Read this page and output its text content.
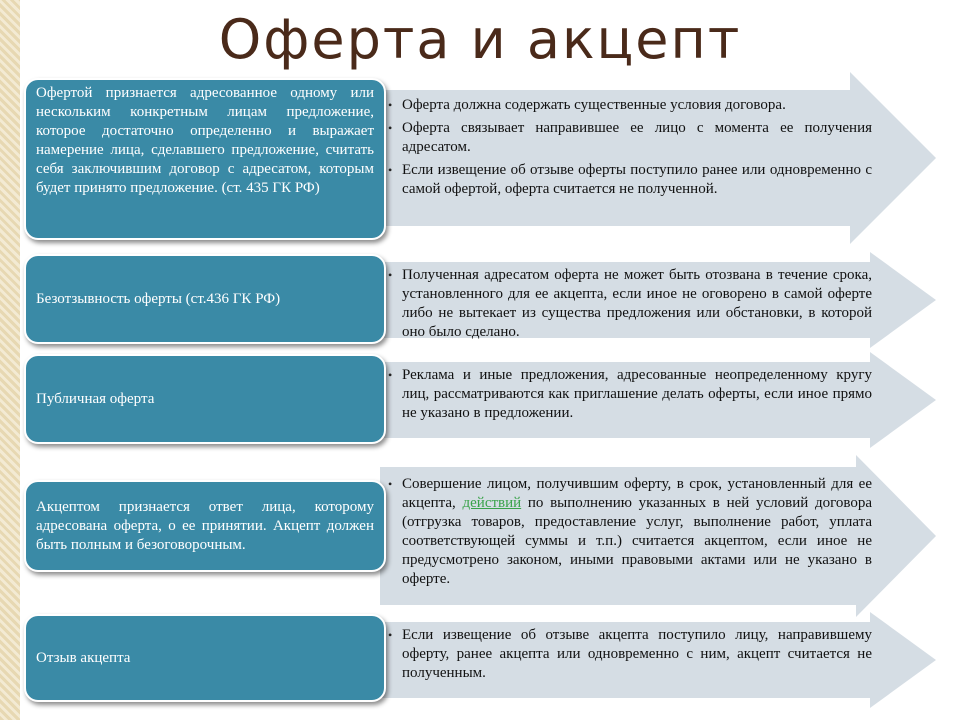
Оферта и акцепт
Офертой признается адресованное одному или нескольким конкретным лицам предложение, которое достаточно определенно и выражает намерение лица, сделавшего предложение, считать себя заключившим договор с адресатом, которым будет принято предложение. (ст. 435 ГК РФ)
• Оферта должна содержать существенные условия договора.
• Оферта связывает направившее ее лицо с момента ее получения адресатом.
• Если извещение об отзыве оферты поступило ранее или одновременно с самой офертой, оферта считается не полученной.
Безотзывность оферты (ст.436 ГК РФ)
• Полученная адресатом оферта не может быть отозвана в течение срока, установленного для ее акцепта, если иное не оговорено в самой оферте либо не вытекает из существа предложения или обстановки, в которой оно было сделано.
Публичная оферта
• Реклама и иные предложения, адресованные неопределенному кругу лиц, рассматриваются как приглашение делать оферты, если иное прямо не указано в предложении.
Акцептом признается ответ лица, которому адресована оферта, о ее принятии. Акцепт должен быть полным и безоговорочным.
• Совершение лицом, получившим оферту, в срок, установленный для ее акцепта, действий по выполнению указанных в ней условий договора (отгрузка товаров, предоставление услуг, выполнение работ, уплата соответствующей суммы и т.п.) считается акцептом, если иное не предусмотрено законом, иными правовыми актами или не указано в оферте.
Отзыв акцепта
• Если извещение об отзыве акцепта поступило лицу, направившему оферту, ранее акцепта или одновременно с ним, акцепт считается не полученным.
